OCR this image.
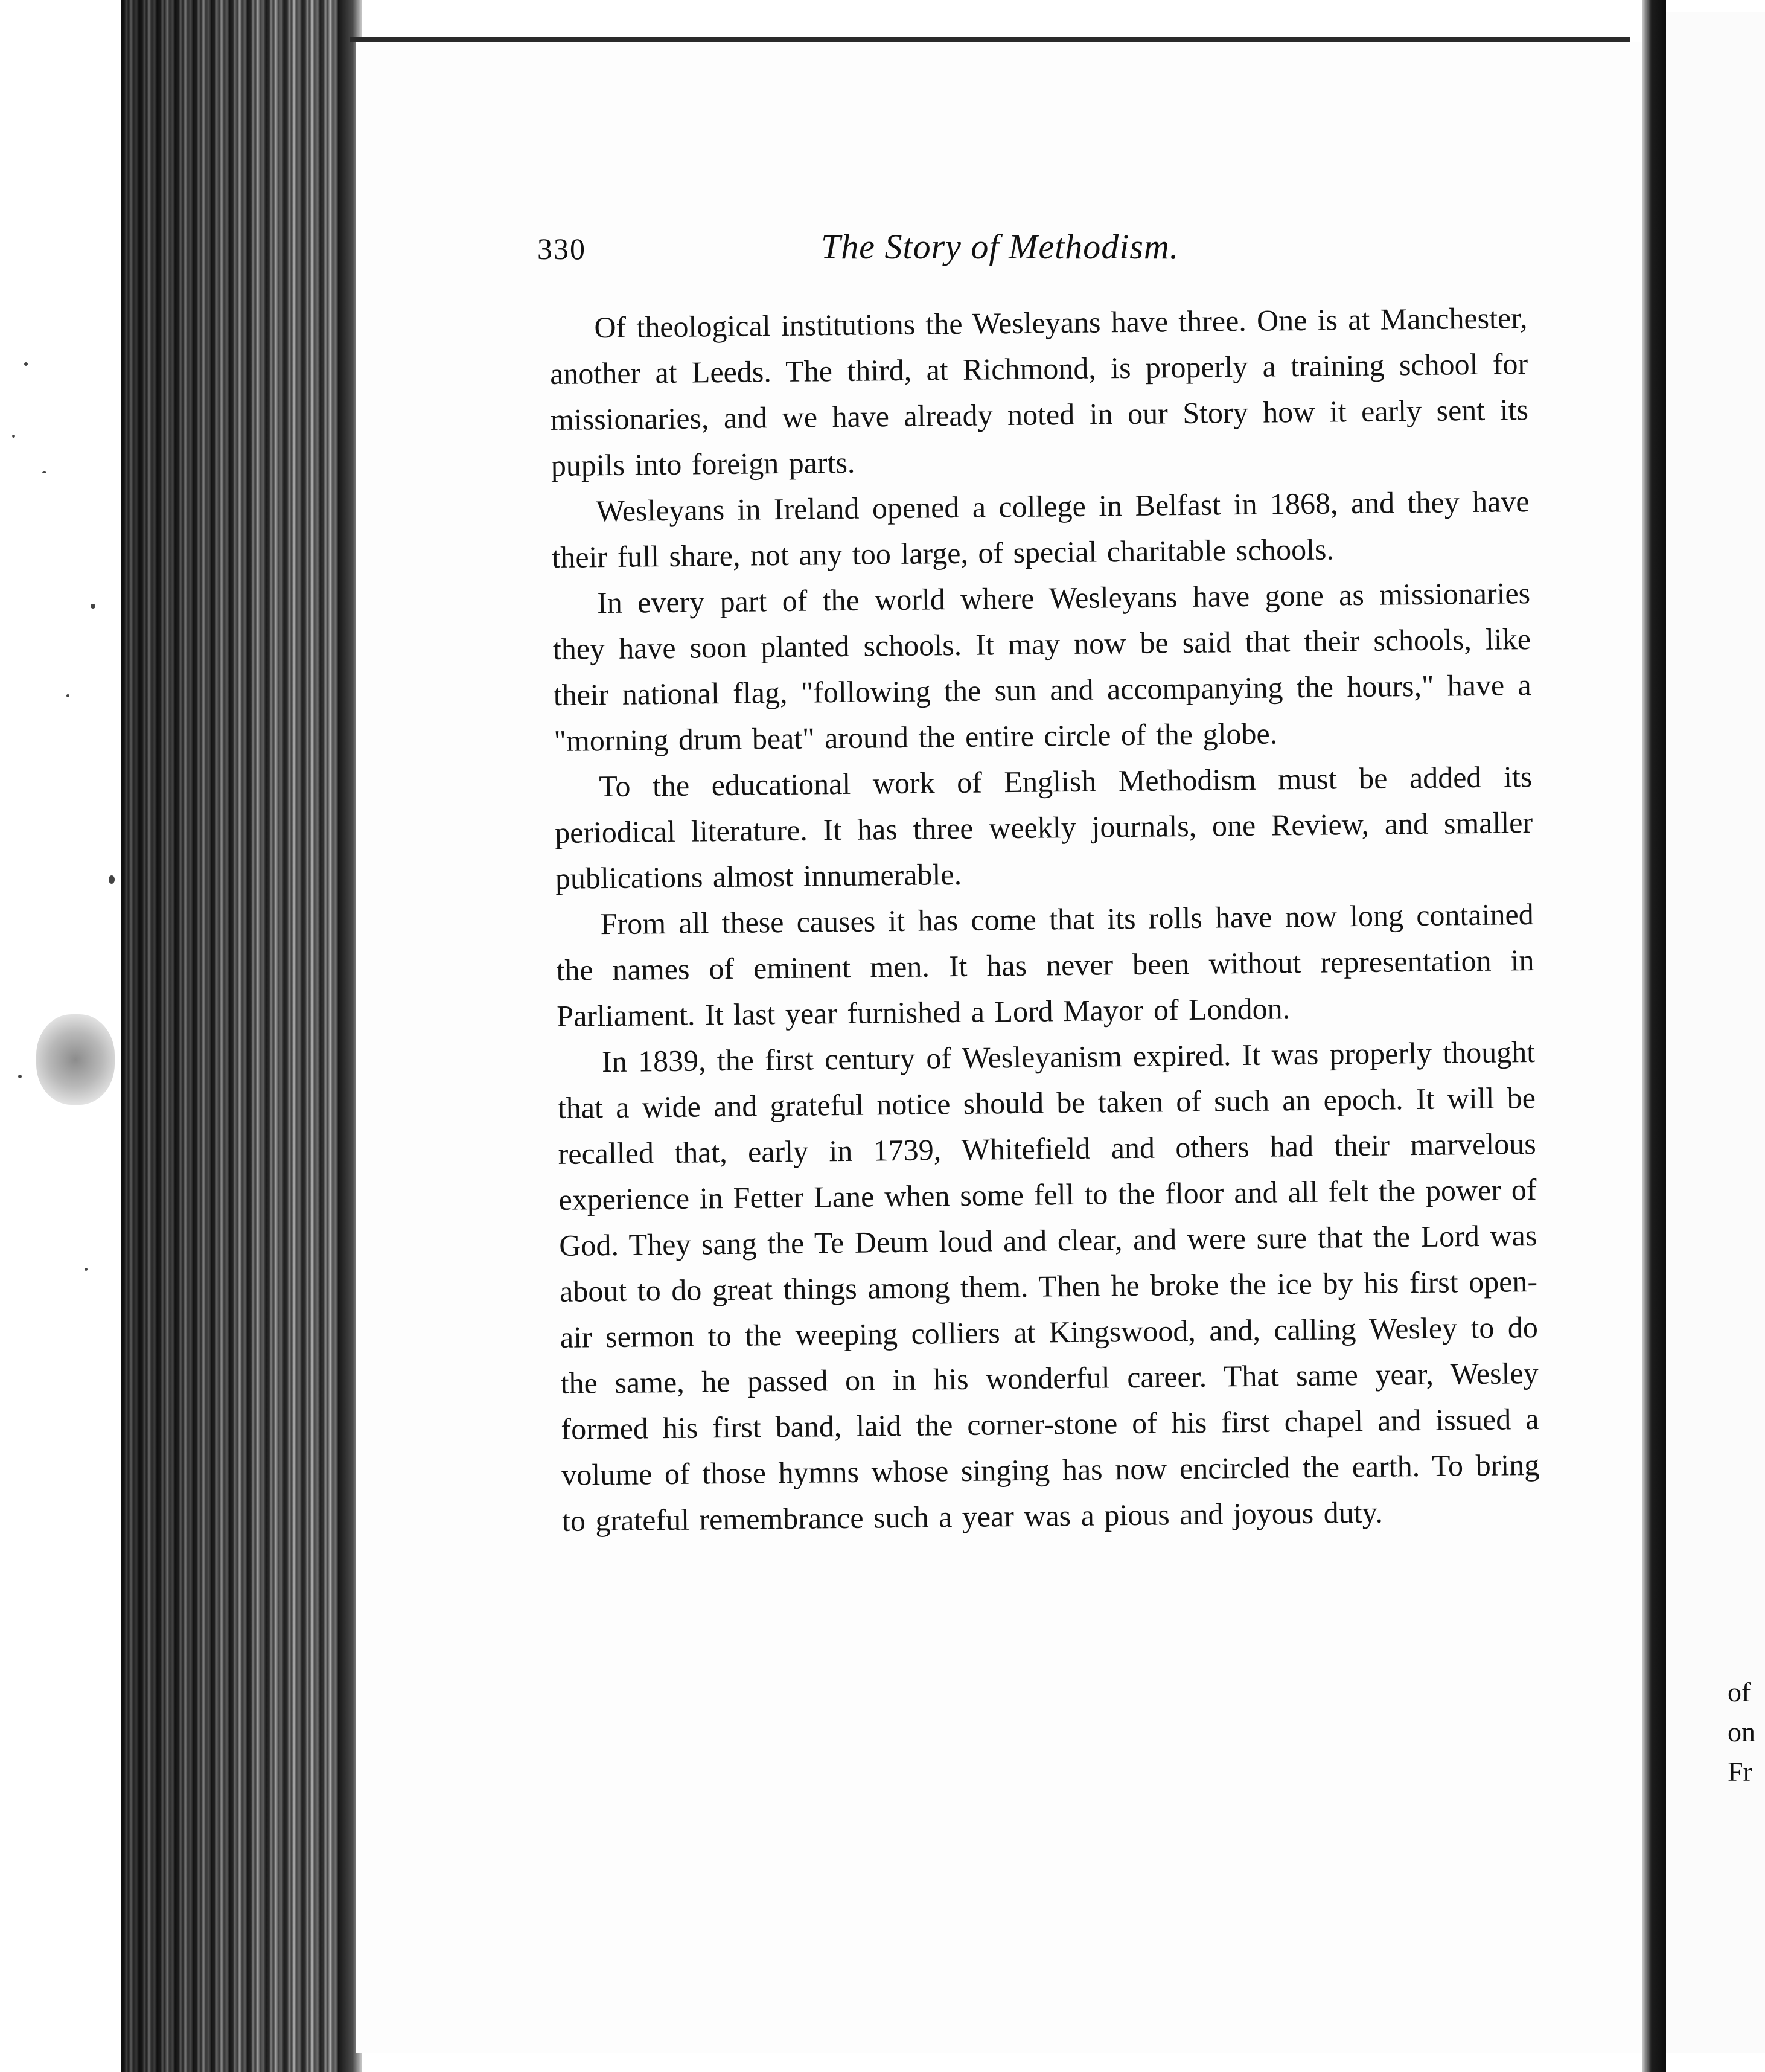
330	The Story of Methodism.

Of theological institutions the Wesleyans have three. One is at Manchester, another at Leeds. The third, at Richmond, is properly a training school for missionaries, and we have already noted in our Story how it early sent its pupils into foreign parts.

Wesleyans in Ireland opened a college in Belfast in 1868, and they have their full share, not any too large, of special charitable schools.

In every part of the world where Wesleyans have gone as missionaries they have soon planted schools. It may now be said that their schools, like their national flag, "following the sun and accompanying the hours," have a "morning drum beat" around the entire circle of the globe.

To the educational work of English Methodism must be added its periodical literature. It has three weekly journals, one Review, and smaller publications almost innumerable.

From all these causes it has come that its rolls have now long contained the names of eminent men. It has never been without representation in Parliament. It last year furnished a Lord Mayor of London.

In 1839, the first century of Wesleyanism expired. It was properly thought that a wide and grateful notice should be taken of such an epoch. It will be recalled that, early in 1739, Whitefield and others had their marvelous experience in Fetter Lane when some fell to the floor and all felt the power of God. They sang the Te Deum loud and clear, and were sure that the Lord was about to do great things among them. Then he broke the ice by his first open-air sermon to the weeping colliers at Kingswood, and, calling Wesley to do the same, he passed on in his wonderful career. That same year, Wesley formed his first band, laid the corner-stone of his first chapel and issued a volume of those hymns whose singing has now encircled the earth. To bring to grateful remembrance such a year was a pious and joyous duty.

of
on
Fr
